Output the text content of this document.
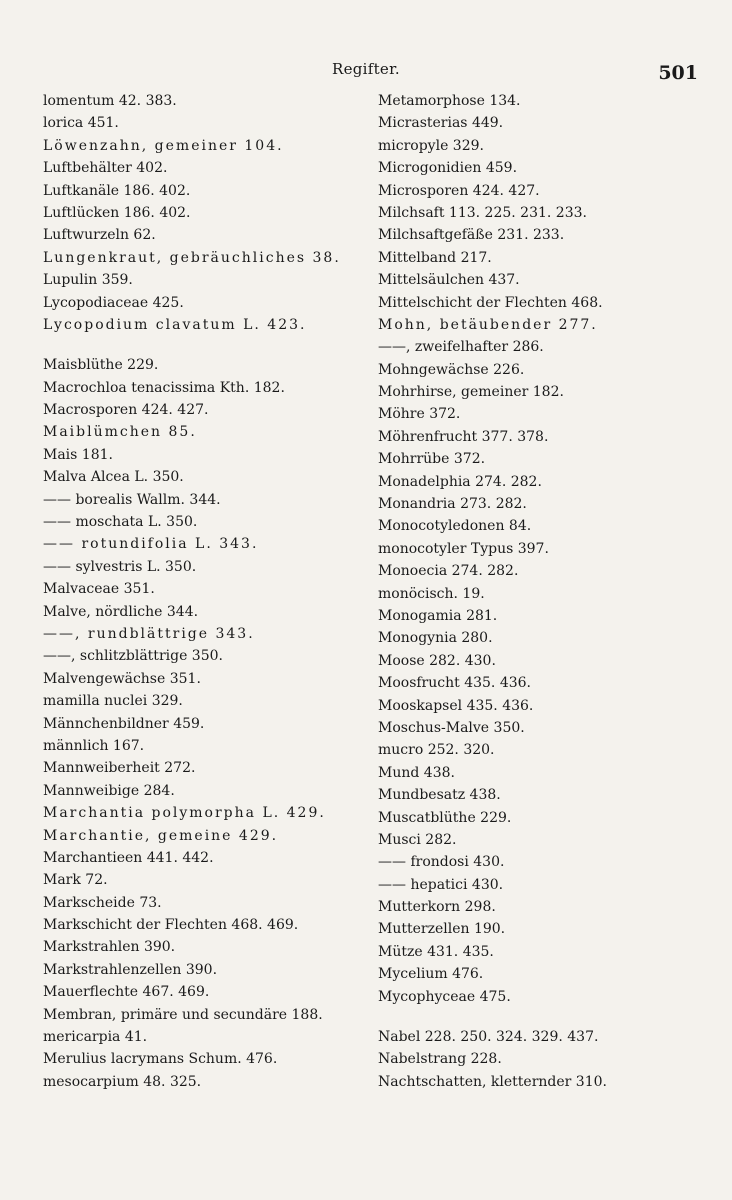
Regifter.	501
lomentum 42. 383.
lorica 451.
Löwenzahn, gemeiner 104.
Luftbehälter 402.
Luftkanäle 186. 402.
Luftlücken 186. 402.
Luftwurzeln 62.
Lungenkraut, gebräuchliches 38.
Lupulin 359.
Lycopodiaceae 425.
Lycopodium clavatum L. 423.
Maisblüthe 229.
Macrochloa tenacissima Kth. 182.
Macrosporen 424. 427.
Maiblümchen 85.
Mais 181.
Malva Alcea L. 350.
—— borealis Wallm. 344.
—— moschata L. 350.
—— rotundifolia L. 343.
—— sylvestris L. 350.
Malvaceae 351.
Malve, nördliche 344.
——, rundblättrige 343.
——, schlitzblättrige 350.
Malvengewächse 351.
mamilla nuclei 329.
Männchenbildner 459.
männlich 167.
Mannweiberheit 272.
Mannweibige 284.
Marchantia polymorpha L. 429.
Marchantie, gemeine 429.
Marchantieen 441. 442.
Mark 72.
Markscheide 73.
Markschicht der Flechten 468. 469.
Markstrahlen 390.
Markstrahlenzellen 390.
Mauerflechte 467. 469.
Membran, primäre und secundäre 188.
mericarpia 41.
Merulius lacrymans Schum. 476.
mesocarpium 48. 325.
Metamorphose 134.
Micrasterias 449.
micropyle 329.
Microgonidien 459.
Microsporen 424. 427.
Milchsaft 113. 225. 231. 233.
Milchsaftgefäße 231. 233.
Mittelband 217.
Mittelsäulchen 437.
Mittelschicht der Flechten 468.
Mohn, betäubender 277.
——, zweifelhafter 286.
Mohngewächse 226.
Mohrhirse, gemeiner 182.
Möhre 372.
Möhrenfrucht 377. 378.
Mohrrübe 372.
Monadelphia 274. 282.
Monandria 273. 282.
Monocotyledonen 84.
monocotyler Typus 397.
Monoecia 274. 282.
monöcisch. 19.
Monogamia 281.
Monogynia 280.
Moose 282. 430.
Moosfrucht 435. 436.
Mooskapsel 435. 436.
Moschus-Malve 350.
mucro 252. 320.
Mund 438.
Mundbesatz 438.
Muscatblüthe 229.
Musci 282.
—— frondosi 430.
—— hepatici 430.
Mutterkorn 298.
Mutterzellen 190.
Mütze 431. 435.
Mycelium 476.
Mycophyceae 475.
Nabel 228. 250. 324. 329. 437.
Nabelstrang 228.
Nachtschatten, kletternder 310.
